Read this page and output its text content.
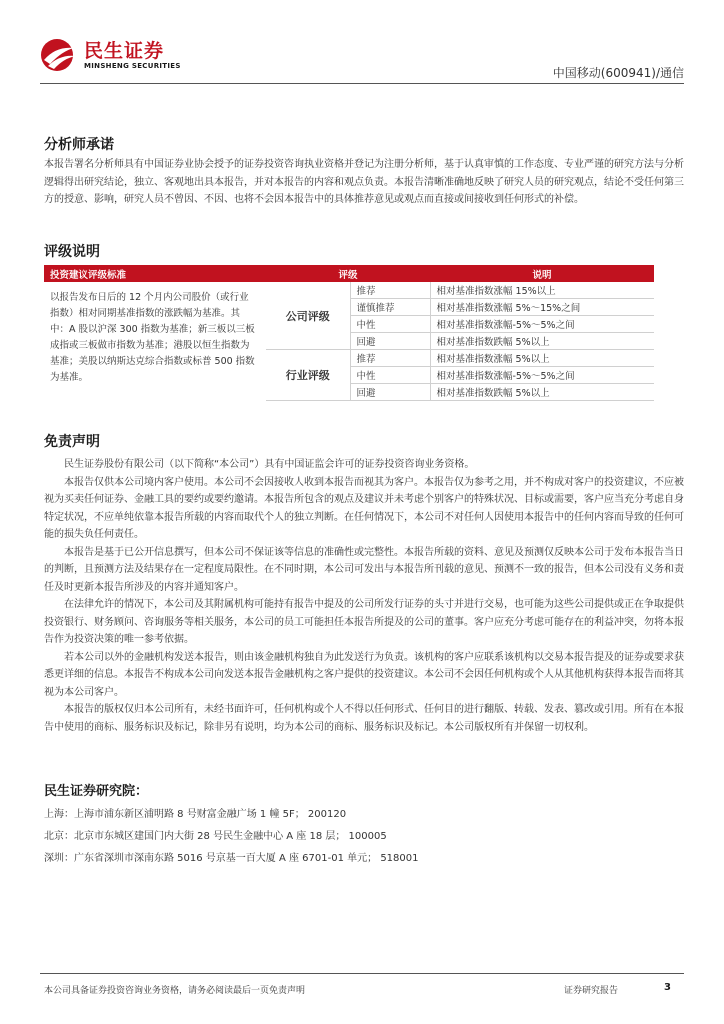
民生证券
MINSHENG SECURITIES
中国移动(600941)/通信
分析师承诺

本报告署名分析师具有中国证券业协会授予的证券投资咨询执业资格并登记为注册分析师，基于认真审慎的工作态度、专业严谨的研究方法与分析逻辑得出研究结论，独立、客观地出具本报告，并对本报告的内容和观点负责。本报告清晰准确地反映了研究人员的研究观点，结论不受任何第三方的授意、影响，研究人员不曾因、不因、也将不会因本报告中的具体推荐意见或观点而直接或间接收到任何形式的补偿。

评级说明
投资建议评级标准	评级		说明
以报告发布日后的 12 个月内公司股价（或行业指数）相对同期基准指数的涨跌幅为基准。其中：A 股以沪深 300 指数为基准；新三板以三板成指或三板做市指数为基准；港股以恒生指数为基准；美股以纳斯达克综合指数或标普 500 指数为基准。	公司评级	推荐	相对基准指数涨幅 15%以上
		谨慎推荐	相对基准指数涨幅 5%～15%之间
		中性	相对基准指数涨幅-5%～5%之间
		回避	相对基准指数跌幅 5%以上
	行业评级	推荐	相对基准指数涨幅 5%以上
		中性	相对基准指数涨幅-5%～5%之间
		回避	相对基准指数跌幅 5%以上
免责声明

民生证券股份有限公司（以下简称“本公司”）具有中国证监会许可的证券投资咨询业务资格。

本报告仅供本公司境内客户使用。本公司不会因接收人收到本报告而视其为客户。本报告仅为参考之用，并不构成对客户的投资建议，不应被视为买卖任何证券、金融工具的要约或要约邀请。本报告所包含的观点及建议并未考虑个别客户的特殊状况、目标或需要，客户应当充分考虑自身特定状况，不应单纯依靠本报告所载的内容而取代个人的独立判断。在任何情况下，本公司不对任何人因使用本报告中的任何内容而导致的任何可能的损失负任何责任。

本报告是基于已公开信息撰写，但本公司不保证该等信息的准确性或完整性。本报告所载的资料、意见及预测仅反映本公司于发布本报告当日的判断，且预测方法及结果存在一定程度局限性。在不同时期，本公司可发出与本报告所刊载的意见、预测不一致的报告，但本公司没有义务和责任及时更新本报告所涉及的内容并通知客户。

在法律允许的情况下，本公司及其附属机构可能持有报告中提及的公司所发行证券的头寸并进行交易，也可能为这些公司提供或正在争取提供投资银行、财务顾问、咨询服务等相关服务，本公司的员工可能担任本报告所提及的公司的董事。客户应充分考虑可能存在的利益冲突，勿将本报告作为投资决策的唯一参考依据。

若本公司以外的金融机构发送本报告，则由该金融机构独自为此发送行为负责。该机构的客户应联系该机构以交易本报告提及的证券或要求获悉更详细的信息。本报告不构成本公司向发送本报告金融机构之客户提供的投资建议。本公司不会因任何机构或个人从其他机构获得本报告而将其视为本公司客户。

本报告的版权仅归本公司所有，未经书面许可，任何机构或个人不得以任何形式、任何目的进行翻版、转载、发表、篡改或引用。所有在本报告中使用的商标、服务标识及标记，除非另有说明，均为本公司的商标、服务标识及标记。本公司版权所有并保留一切权利。

民生证券研究院：
上海：上海市浦东新区浦明路 8 号财富金融广场 1 幢 5F； 200120
北京：北京市东城区建国门内大街 28 号民生金融中心 A 座 18 层； 100005
深圳：广东省深圳市深南东路 5016 号京基一百大厦 A 座 6701-01 单元； 518001
本公司具备证券投资咨询业务资格，请务必阅读最后一页免责声明	证券研究报告	3
